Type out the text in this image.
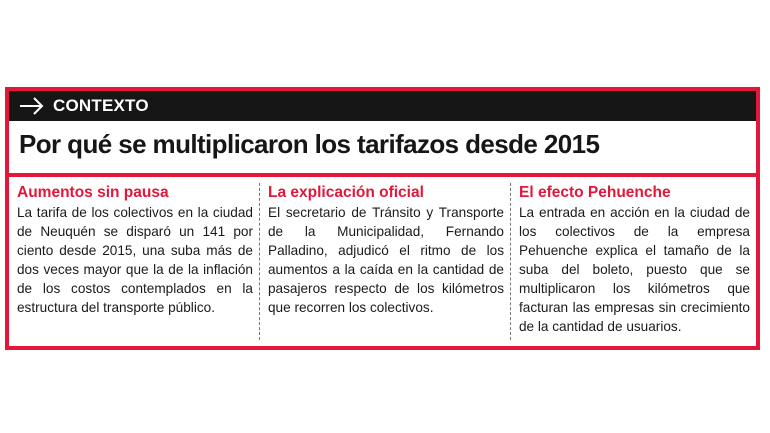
CONTEXTO
Por qué se multiplicaron los tarifazos desde 2015
Aumentos sin pausa

La tarifa de los colectivos en la ciudad de Neuquén se disparó un 141 por ciento desde 2015, una suba más de dos veces mayor que la de la inflación de los costos contemplados en la estructura del transporte público.

La explicación oficial

El secretario de Tránsito y Transporte de la Municipalidad, Fernando Palladino, adjudicó el ritmo de los aumentos a la caída en la cantidad de pasajeros respecto de los kilómetros que recorren los colectivos.

El efecto Pehuenche

La entrada en acción en la ciudad de los colectivos de la empresa Pehuenche explica el tamaño de la suba del boleto, puesto que se multiplicaron los kilómetros que facturan las empresas sin crecimiento de la cantidad de usuarios.
